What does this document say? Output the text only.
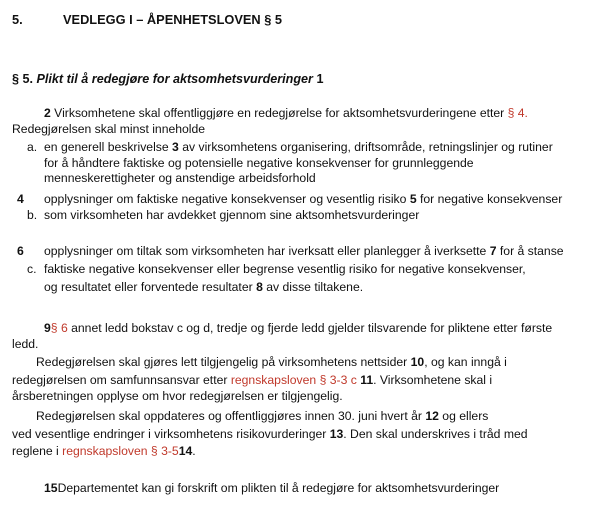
5.	VEDLEGG I – ÅPENHETSLOVEN § 5
§ 5. Plikt til å redegjøre for aktsomhetsvurderinger 1
2 Virksomhetene skal offentliggjøre en redegjørelse for aktsomhetsvurderingene etter § 4.
Redegjørelsen skal minst inneholde
a. en generell beskrivelse 3 av virksomhetens organisering, driftsområde, retningslinjer og rutiner
for å håndtere faktiske og potensielle negative konsekvenser for grunnleggende
menneskerettigheter og anstendige arbeidsforhold
4 opplysninger om faktiske negative konsekvenser og vesentlig risiko 5 for negative konsekvenser
b. som virksomheten har avdekket gjennom sine aktsomhetsvurderinger
6 opplysninger om tiltak som virksomheten har iverksatt eller planlegger å iverksette 7 for å stanse
c. faktiske negative konsekvenser eller begrense vesentlig risiko for negative konsekvenser,
og resultatet eller forventede resultater 8 av disse tiltakene.
9§ 6 annet ledd bokstav c og d, tredje og fjerde ledd gjelder tilsvarende for pliktene etter første
ledd.
Redegjørelsen skal gjøres lett tilgjengelig på virksomhetens nettsider 10, og kan inngå i
redegjørelsen om samfunnsansvar etter regnskapsloven § 3-3 c 11. Virksomhetene skal i
årsberetningen opplyse om hvor redegjørelsen er tilgjengelig.
Redegjørelsen skal oppdateres og offentliggjøres innen 30. juni hvert år 12 og ellers
ved vesentlige endringer i virksomhetens risikovurderinger 13. Den skal underskrives i tråd med
reglene i regnskapsloven § 3-514.
15Departementet kan gi forskrift om plikten til å redegjøre for aktsomhetsvurderinger
